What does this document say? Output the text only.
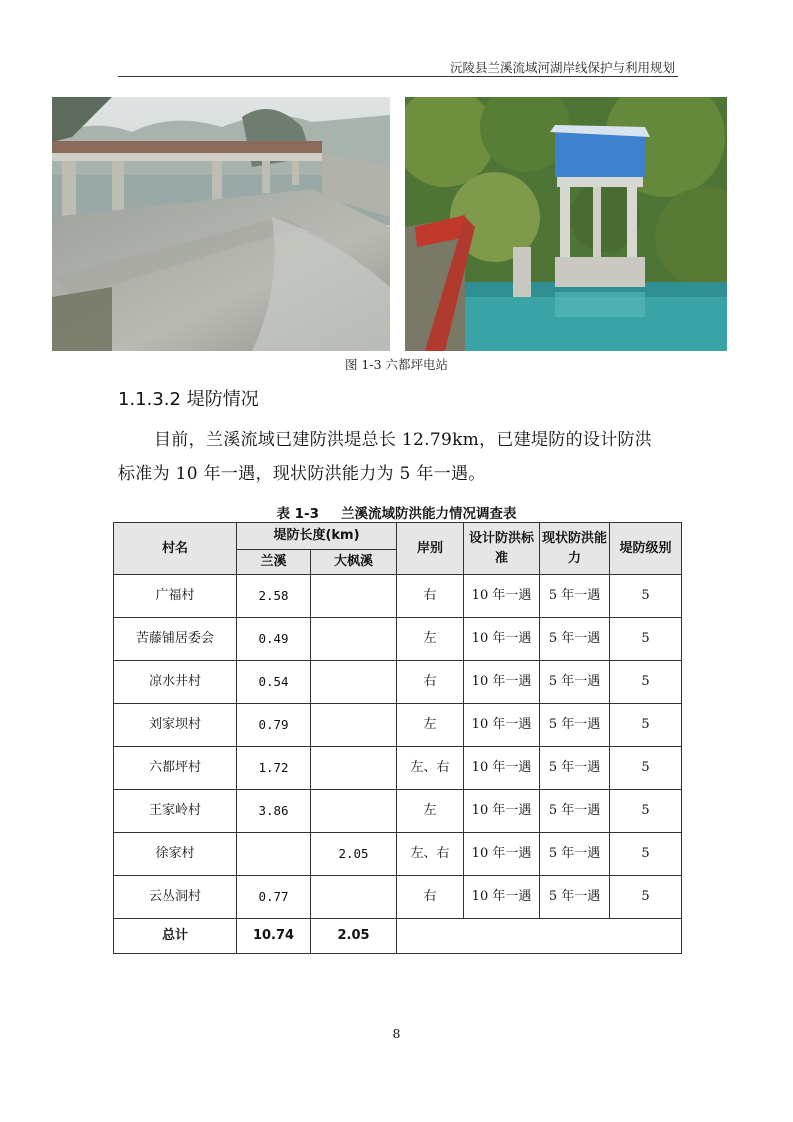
沅陵县兰溪流域河湖岸线保护与利用规划
图 1-3 六都坪电站
1.1.3.2 堤防情况
目前，兰溪流域已建防洪堤总长 12.79km，已建堤防的设计防洪
标准为 10 年一遇，现状防洪能力为 5 年一遇。
表 1-3 兰溪流域防洪能力情况调查表
村名	堤防长度(km)		岸别	设计防洪标准	现状防洪能力	堤防级别
	兰溪	大枫溪				
广福村	2.58		右	10 年一遇	5 年一遇	5
苦藤铺居委会	0.49		左	10 年一遇	5 年一遇	5
凉水井村	0.54		右	10 年一遇	5 年一遇	5
刘家坝村	0.79		左	10 年一遇	5 年一遇	5
六都坪村	1.72		左、右	10 年一遇	5 年一遇	5
王家岭村	3.86		左	10 年一遇	5 年一遇	5
徐家村		2.05	左、右	10 年一遇	5 年一遇	5
云丛洞村	0.77		右	10 年一遇	5 年一遇	5
总计	10.74	2.05				
8
